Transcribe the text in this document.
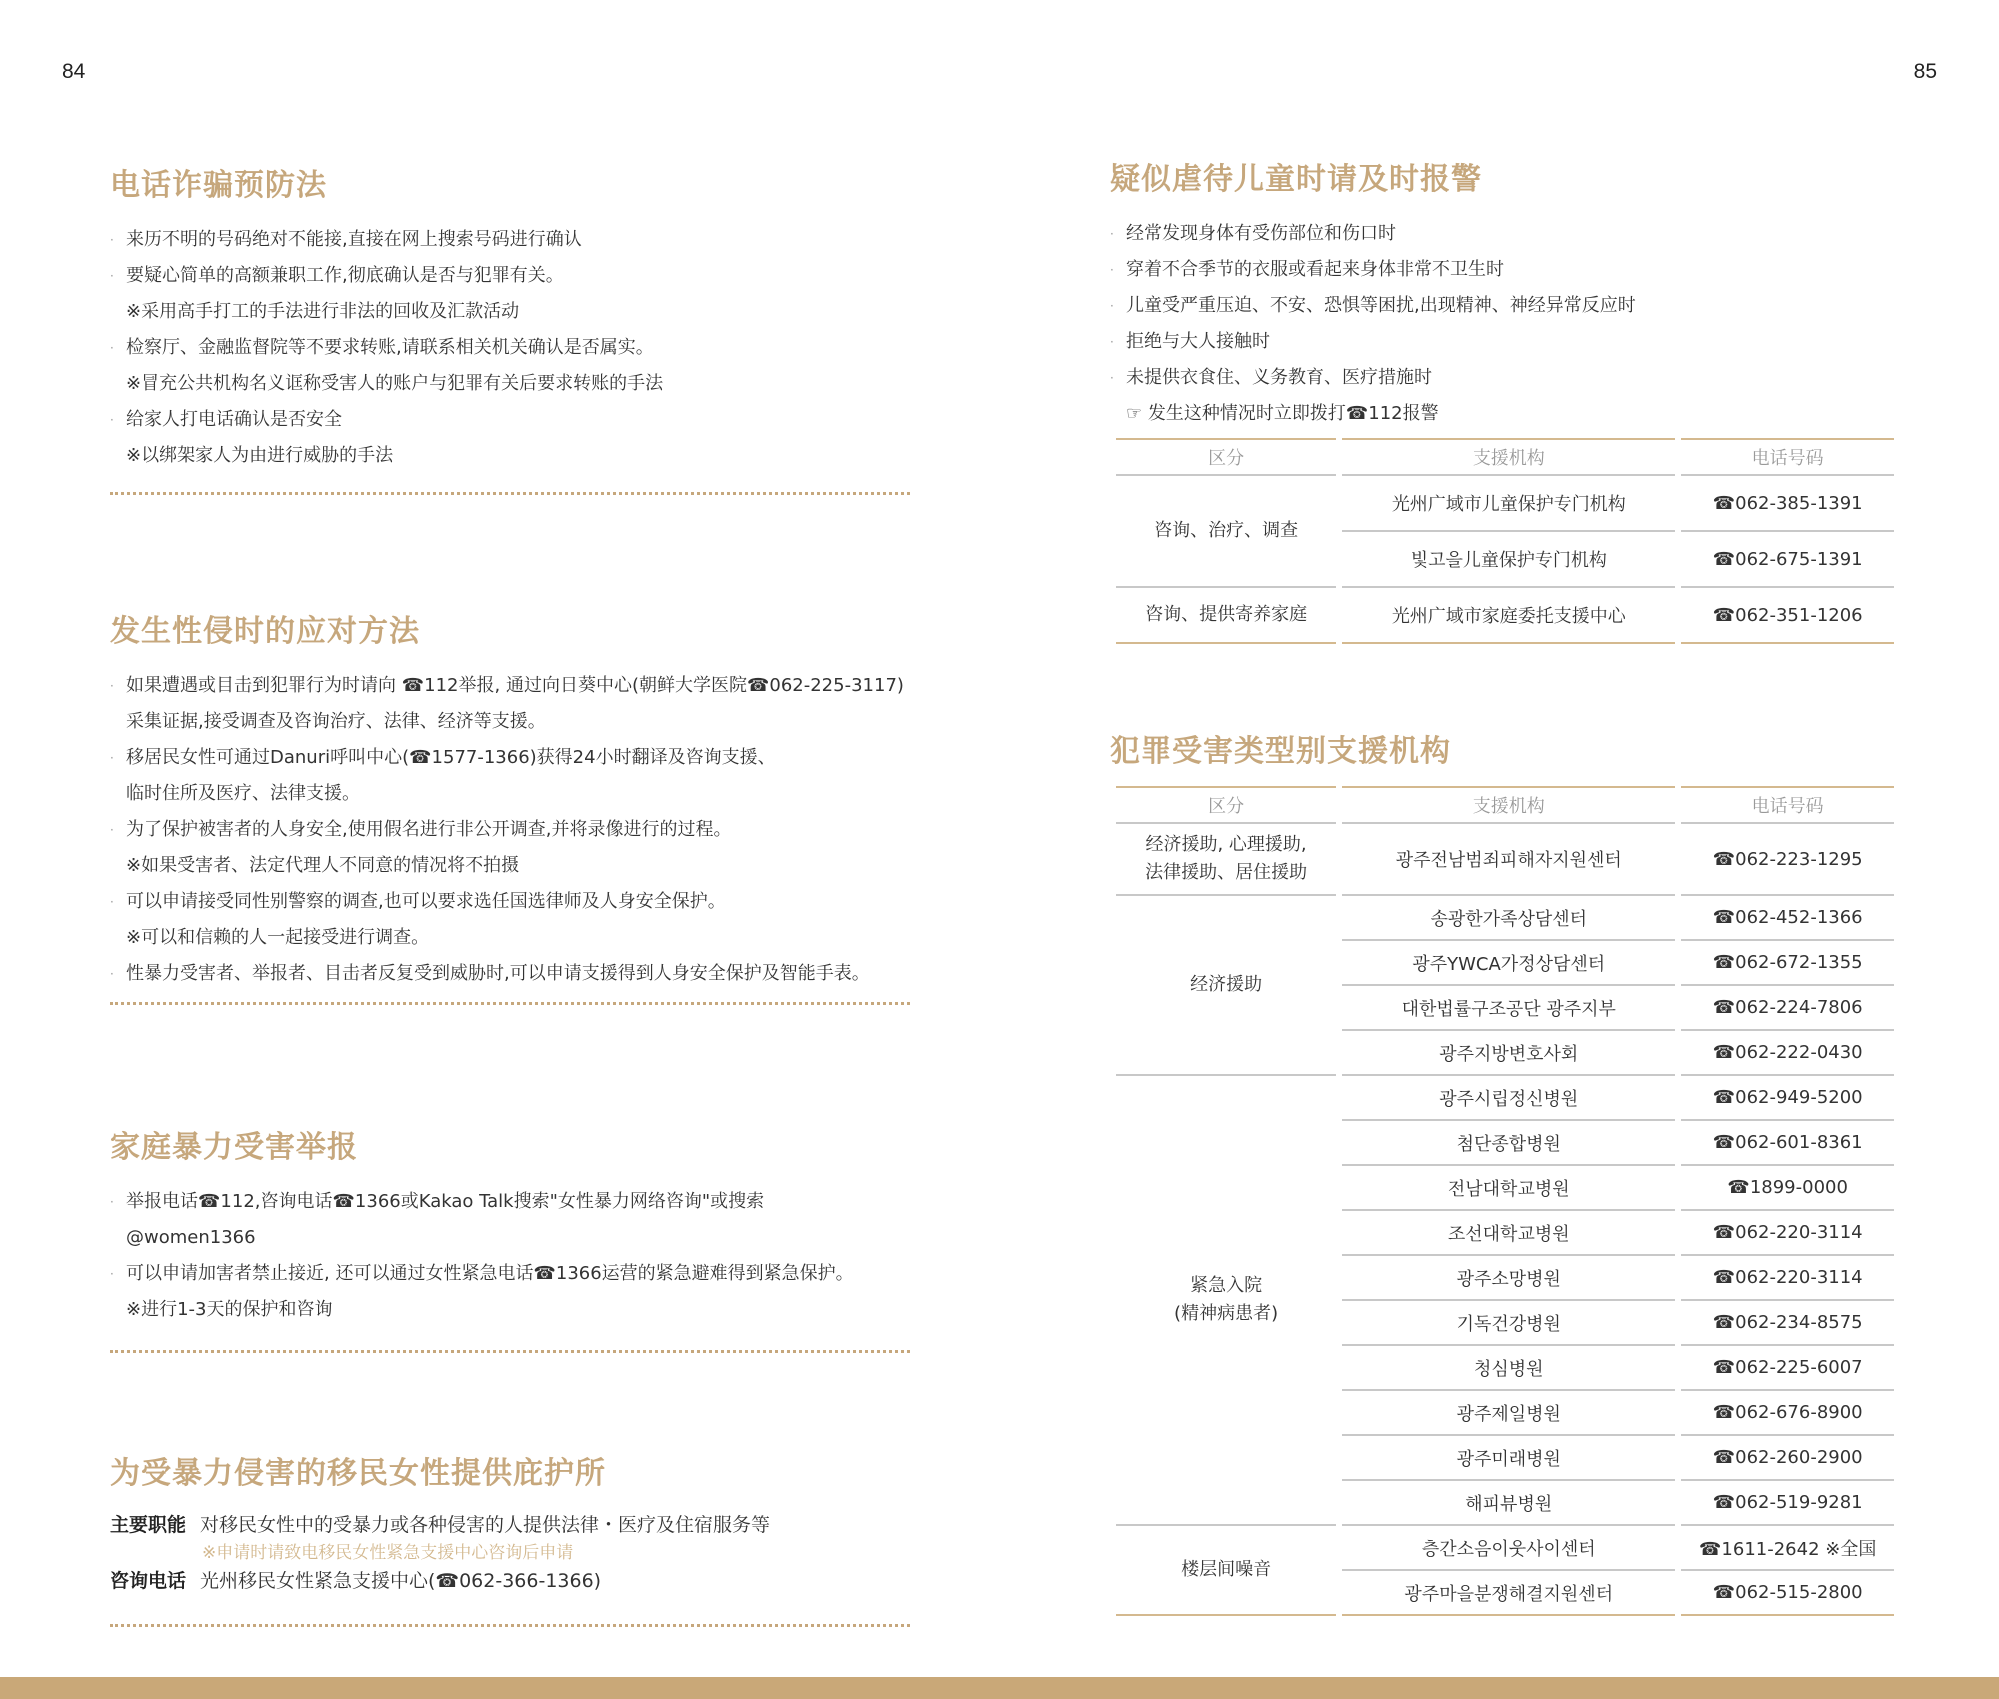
84	85
电话诈骗预防法
· 来历不明的号码绝对不能接,直接在网上搜索号码进行确认
· 要疑心简单的高额兼职工作,彻底确认是否与犯罪有关。
※采用高手打工的手法进行非法的回收及汇款活动
· 检察厅、金融监督院等不要求转账,请联系相关机关确认是否属实。
※冒充公共机构名义诓称受害人的账户与犯罪有关后要求转账的手法
· 给家人打电话确认是否安全
※以绑架家人为由进行威胁的手法
发生性侵时的应对方法
· 如果遭遇或目击到犯罪行为时请向 ☎112举报, 通过向日葵中心(朝鲜大学医院☎062-225-3117)
采集证据,接受调查及咨询治疗、法律、经济等支援。
· 移居民女性可通过Danuri呼叫中心(☎1577-1366)获得24小时翻译及咨询支援、
临时住所及医疗、法律支援。
· 为了保护被害者的人身安全,使用假名进行非公开调查,并将录像进行的过程。
※如果受害者、法定代理人不同意的情况将不拍摄
· 可以申请接受同性别警察的调查,也可以要求选任国选律师及人身安全保护。
※可以和信赖的人一起接受进行调查。
· 性暴力受害者、举报者、目击者反复受到威胁时,可以申请支援得到人身安全保护及智能手表。
家庭暴力受害举报
· 举报电话☎112,咨询电话☎1366或Kakao Talk搜索"女性暴力网络咨询"或搜索
@women1366
· 可以申请加害者禁止接近, 还可以通过女性紧急电话☎1366运营的紧急避难得到紧急保护。
※进行1-3天的保护和咨询
为受暴力侵害的移民女性提供庇护所
主要职能 对移民女性中的受暴力或各种侵害的人提供法律・医疗及住宿服务等
※申请时请致电移民女性紧急支援中心咨询后申请
咨询电话 光州移民女性紧急支援中心(☎062-366-1366)
疑似虐待儿童时请及时报警
· 经常发现身体有受伤部位和伤口时
· 穿着不合季节的衣服或看起来身体非常不卫生时
· 儿童受严重压迫、不安、恐惧等困扰,出现精神、神经异常反应时
· 拒绝与大人接触时
· 未提供衣食住、义务教育、医疗措施时
☞ 发生这种情况时立即拨打☎112报警
区分	支援机构	电话号码
咨询、治疗、调查	光州广域市儿童保护专门机构	☎062-385-1391
	빛고을儿童保护专门机构	☎062-675-1391
咨询、提供寄养家庭	光州广域市家庭委托支援中心	☎062-351-1206
犯罪受害类型别支援机构
区分	支援机构	电话号码
经济援助, 心理援助,
法律援助、居住援助	광주전남범죄피해자지원센터	☎062-223-1295
经济援助	송광한가족상담센터	☎062-452-1366
	광주YWCA가정상담센터	☎062-672-1355
	대한법률구조공단 광주지부	☎062-224-7806
	광주지방변호사회	☎062-222-0430
紧急入院
(精神病患者)	광주시립정신병원	☎062-949-5200
	첨단종합병원	☎062-601-8361
	전남대학교병원	☎1899-0000
	조선대학교병원	☎062-220-3114
	광주소망병원	☎062-220-3114
	기독건강병원	☎062-234-8575
	청심병원	☎062-225-6007
	광주제일병원	☎062-676-8900
	광주미래병원	☎062-260-2900
	해피뷰병원	☎062-519-9281
楼层间噪音	층간소음이웃사이센터	☎1611-2642 ※全国
	광주마을분쟁해결지원센터	☎062-515-2800
